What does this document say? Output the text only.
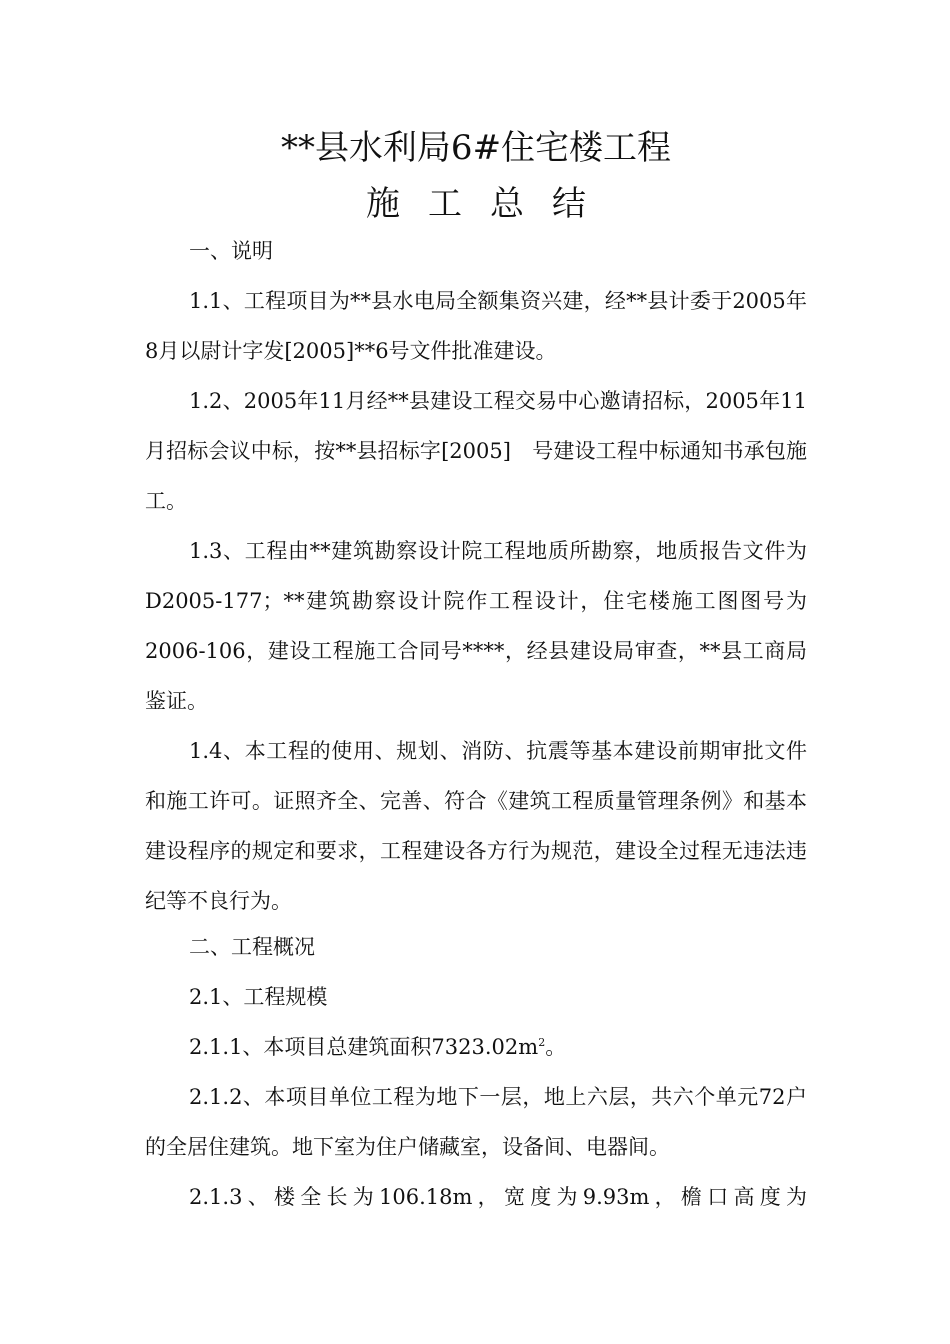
**县水利局6#住宅楼工程
施工总结

一、说明

1.1、工程项目为**县水电局全额集资兴建，经**县计委于2005年8月以尉计字发[2005]**6号文件批准建设。

1.2、2005年11月经**县建设工程交易中心邀请招标，2005年11月招标会议中标，按**县招标字[2005]　号建设工程中标通知书承包施工。

1.3、工程由**建筑勘察设计院工程地质所勘察，地质报告文件为D2005-177；**建筑勘察设计院作工程设计，住宅楼施工图图号为2006-106，建设工程施工合同号****，经县建设局审查，**县工商局鉴证。

1.4、本工程的使用、规划、消防、抗震等基本建设前期审批文件和施工许可。证照齐全、完善、符合《建筑工程质量管理条例》和基本建设程序的规定和要求，工程建设各方行为规范，建设全过程无违法违纪等不良行为。

二、工程概况

2.1、工程规模

2.1.1、本项目总建筑面积$7323.02m^2$。

2.1.2、本项目单位工程为地下一层，地上六层，共六个单元72户的全居住建筑。地下室为住户储藏室，设备间、电器间。

2.1.3、楼全长为106.18m，宽度为9.93m，檐口高度为
